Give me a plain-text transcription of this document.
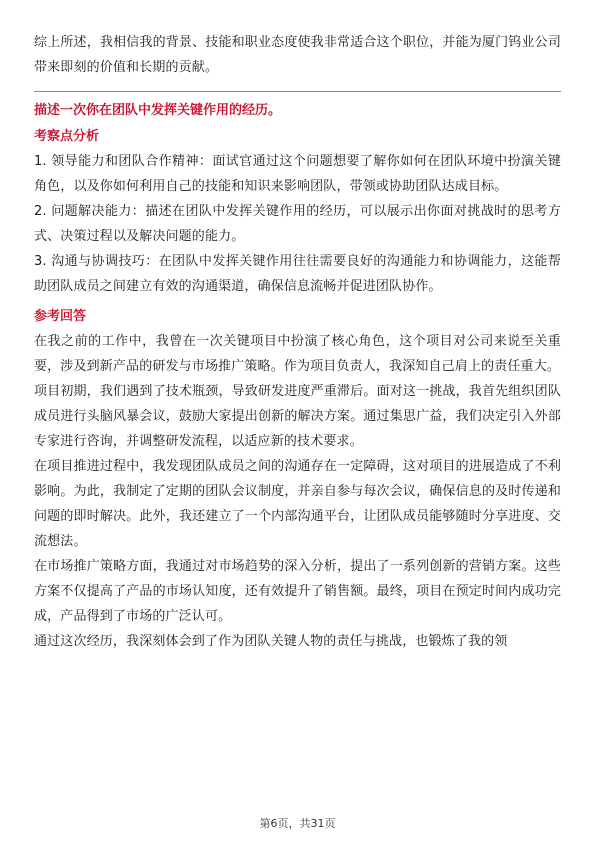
综上所述，我相信我的背景、技能和职业态度使我非常适合这个职位，并能为厦门钨业公司带来即刻的价值和长期的贡献。

描述一次你在团队中发挥关键作用的经历。
考察点分析

1. 领导能力和团队合作精神：面试官通过这个问题想要了解你如何在团队环境中扮演关键角色，以及你如何利用自己的技能和知识来影响团队，带领或协助团队达成目标。

2. 问题解决能力：描述在团队中发挥关键作用的经历，可以展示出你面对挑战时的思考方式、决策过程以及解决问题的能力。

3. 沟通与协调技巧：在团队中发挥关键作用往往需要良好的沟通能力和协调能力，这能帮助团队成员之间建立有效的沟通渠道，确保信息流畅并促进团队协作。

参考回答

在我之前的工作中，我曾在一次关键项目中扮演了核心角色，这个项目对公司来说至关重要，涉及到新产品的研发与市场推广策略。作为项目负责人，我深知自己肩上的责任重大。

项目初期，我们遇到了技术瓶颈，导致研发进度严重滞后。面对这一挑战，我首先组织团队成员进行头脑风暴会议，鼓励大家提出创新的解决方案。通过集思广益，我们决定引入外部专家进行咨询，并调整研发流程，以适应新的技术要求。

在项目推进过程中，我发现团队成员之间的沟通存在一定障碍，这对项目的进展造成了不利影响。为此，我制定了定期的团队会议制度，并亲自参与每次会议，确保信息的及时传递和问题的即时解决。此外，我还建立了一个内部沟通平台，让团队成员能够随时分享进度、交流想法。

在市场推广策略方面，我通过对市场趋势的深入分析，提出了一系列创新的营销方案。这些方案不仅提高了产品的市场认知度，还有效提升了销售额。最终，项目在预定时间内成功完成，产品得到了市场的广泛认可。

通过这次经历，我深刻体会到了作为团队关键人物的责任与挑战，也锻炼了我的领

第6页，共31页
